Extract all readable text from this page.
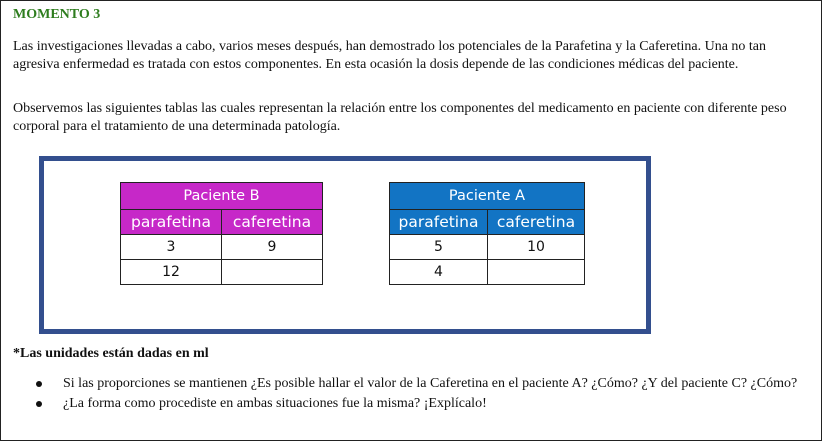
MOMENTO 3

Las investigaciones llevadas a cabo, varios meses después, han demostrado los potenciales de la Parafetina y la Caferetina. Una no tan agresiva enfermedad es tratada con estos componentes. En esta ocasión la dosis depende de las condiciones médicas del paciente.

Observemos las siguientes tablas las cuales representan la relación entre los componentes del medicamento en paciente con diferente peso corporal para el tratamiento de una determinada patología.

Paciente B	
parafetina	caferetina
3	9
12	
Paciente A	
parafetina	caferetina
5	10
4	

*Las unidades están dadas en ml

Si las proporciones se mantienen ¿Es posible hallar el valor de la Caferetina en el paciente A? ¿Cómo? ¿Y del paciente C? ¿Cómo?
¿La forma como procediste en ambas situaciones fue la misma? ¡Explícalo!
